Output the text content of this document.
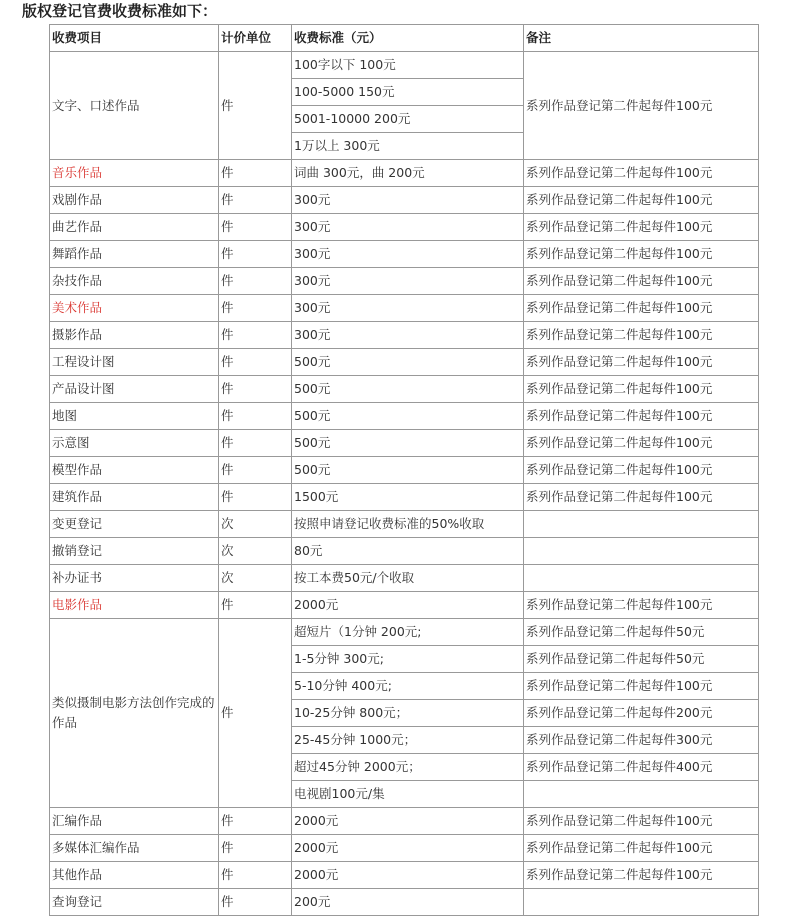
版权登记官费收费标准如下：
收费项目	计价单位	收费标准（元）	备注
文字、口述作品	件	100字以下 100元	系列作品登记第二件起每件100元
		100-5000 150元	
		5001-10000 200元	
		1万以上 300元	
音乐作品	件	词曲 300元，曲 200元	系列作品登记第二件起每件100元
戏剧作品	件	300元	系列作品登记第二件起每件100元
曲艺作品	件	300元	系列作品登记第二件起每件100元
舞蹈作品	件	300元	系列作品登记第二件起每件100元
杂技作品	件	300元	系列作品登记第二件起每件100元
美术作品	件	300元	系列作品登记第二件起每件100元
摄影作品	件	300元	系列作品登记第二件起每件100元
工程设计图	件	500元	系列作品登记第二件起每件100元
产品设计图	件	500元	系列作品登记第二件起每件100元
地图	件	500元	系列作品登记第二件起每件100元
示意图	件	500元	系列作品登记第二件起每件100元
模型作品	件	500元	系列作品登记第二件起每件100元
建筑作品	件	1500元	系列作品登记第二件起每件100元
变更登记	次	按照申请登记收费标准的50%收取	
撤销登记	次	80元	
补办证书	次	按工本费50元/个收取	
电影作品	件	2000元	系列作品登记第二件起每件100元
类似摄制电影方法创作完成的作品	件	超短片（1分钟 200元;	系列作品登记第二件起每件50元
		1-5分钟 300元;	系列作品登记第二件起每件50元
		5-10分钟 400元;	系列作品登记第二件起每件100元
		10-25分钟 800元；	系列作品登记第二件起每件200元
		25-45分钟 1000元；	系列作品登记第二件起每件300元
		超过45分钟 2000元；	系列作品登记第二件起每件400元
		电视剧100元/集	
汇编作品	件	2000元	系列作品登记第二件起每件100元
多媒体汇编作品	件	2000元	系列作品登记第二件起每件100元
其他作品	件	2000元	系列作品登记第二件起每件100元
查询登记	件	200元	
